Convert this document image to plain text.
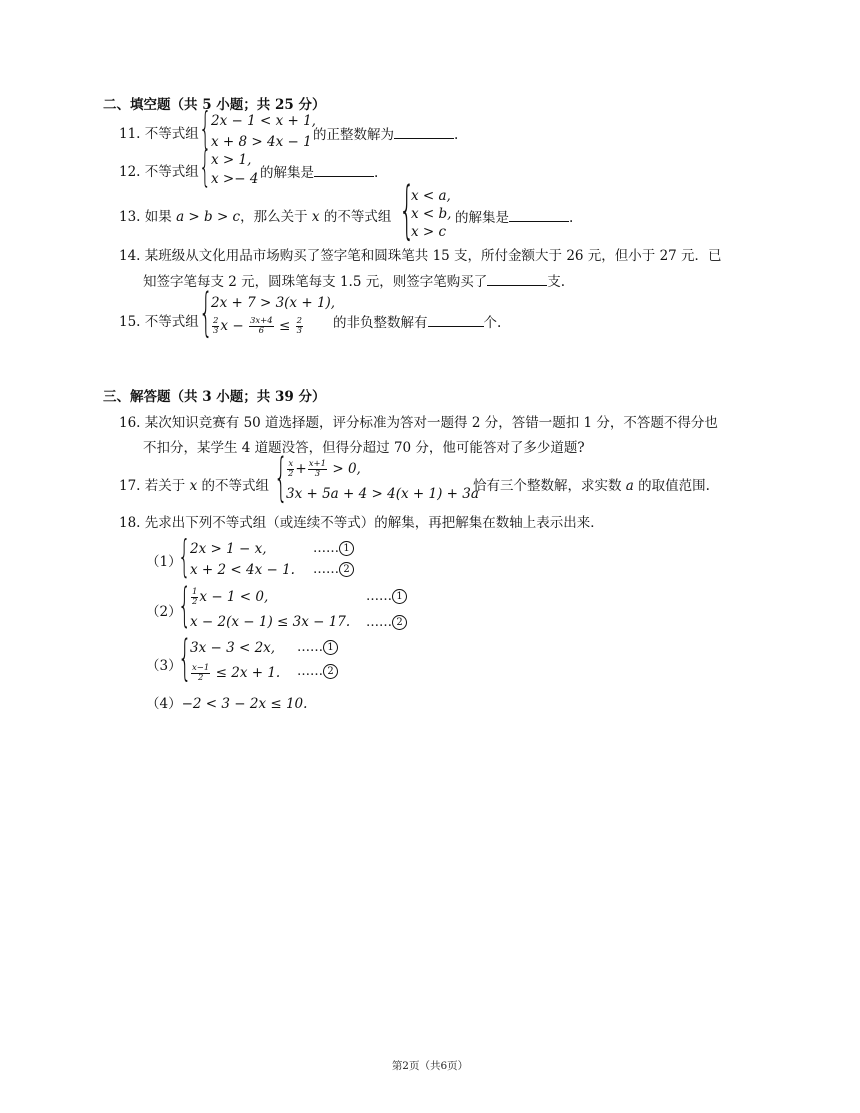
二、填空题（共 5 小题；共 25 分）
11. 不等式组 { 2x − 1 < x + 1,
x + 8 > 4x − 1 的正整数解为	.
12. 不等式组 { x > 1,
x >− 4 的解集是	.
13. 如果 a > b > c，那么关于 x 的不等式组 {
x < a,
x < b,
x > c
的解集是	.
14. 某班级从文化用品市场购买了签字笔和圆珠笔共 15 支，所付金额大于 26 元，但小于 27 元．已
知签字笔每支 2 元，圆珠笔每支 1.5 元，则签字笔购买了	支.
15. 不等式组 {
2x + 7 > 3(x + 1),
$\frac{2}{3}$ $x - \frac{3x+4}{6} \le \frac{2}{3}$ 的非负整数解有	个.
三、解答题（共 3 小题；共 39 分）
16. 某次知识竞赛有 50 道选择题，评分标准为答对一题得 2 分，答错一题扣 1 分，不答题不得分也
不扣分，某学生 4 道题没答，但得分超过 70 分，他可能答对了多少道题?
17. 若关于 x 的不等式组 { $\frac{x}{2} + \frac{x+1}{3} > 0$,
3x + 5a + 4 > 4(x + 1) + 3a
恰有三个整数解，求实数 a 的取值范围.
18. 先求出下列不等式组（或连续不等式）的解集，再把解集在数轴上表示出来．
（1）
{ 2x > 1 − x,
x + 2 < 4x − 1.
…… 1
…… 2
（2）
{ $\frac{1}{2}$ x − 1 < 0,
x − 2(x − 1) ≤ 3x − 17.
…… 1
…… 2
（3）
{
3x − 3 < 2x,
$\frac{x-1}{2} \le 2x + 1$.
…… 1
…… 2
（4）−2 < 3 − 2x ≤ 10.
第2页（共6页）
